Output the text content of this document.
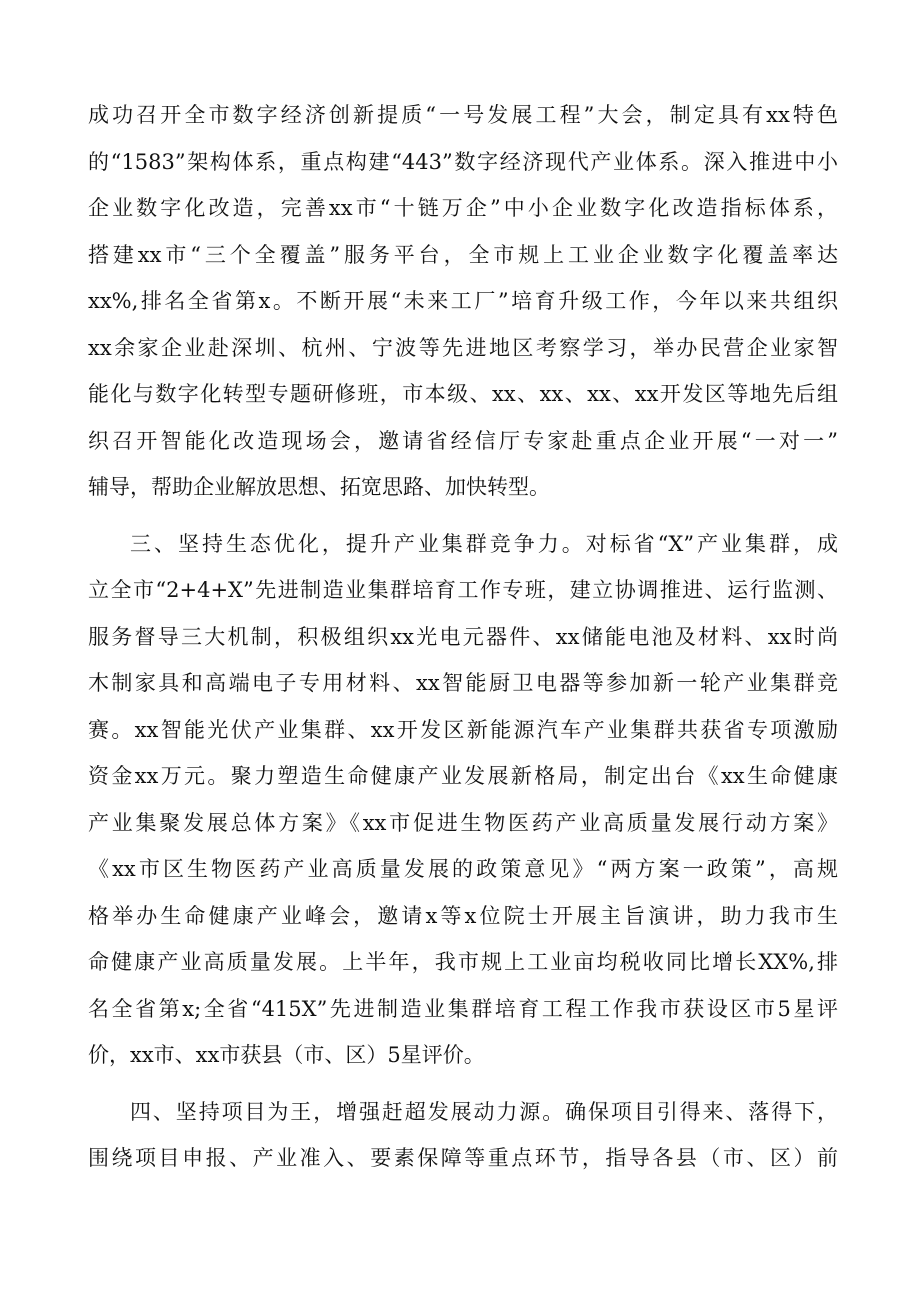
成功召开全市数字经济创新提质“一号发展工程”大会，制定具有xx特色
的“1583”架构体系，重点构建“443”数字经济现代产业体系。深入推进中小
企业数字化改造，完善xx市“十链万企”中小企业数字化改造指标体系，
搭建xx市“三个全覆盖”服务平台，全市规上工业企业数字化覆盖率达
xx%,排名全省第x。不断开展“未来工厂”培育升级工作，今年以来共组织
xx余家企业赴深圳、杭州、宁波等先进地区考察学习，举办民营企业家智
能化与数字化转型专题研修班，市本级、xx、xx、xx、xx开发区等地先后组
织召开智能化改造现场会，邀请省经信厅专家赴重点企业开展“一对一”
辅导，帮助企业解放思想、拓宽思路、加快转型。
三、坚持生态优化，提升产业集群竞争力。对标省“X”产业集群，成
立全市“2+4+X”先进制造业集群培育工作专班，建立协调推进、运行监测、
服务督导三大机制，积极组织xx光电元器件、xx储能电池及材料、xx时尚
木制家具和高端电子专用材料、xx智能厨卫电器等参加新一轮产业集群竞
赛。xx智能光伏产业集群、xx开发区新能源汽车产业集群共获省专项激励
资金xx万元。聚力塑造生命健康产业发展新格局，制定出台《xx生命健康
产业集聚发展总体方案》《xx市促进生物医药产业高质量发展行动方案》
《xx市区生物医药产业高质量发展的政策意见》“两方案一政策”，高规
格举办生命健康产业峰会，邀请x等x位院士开展主旨演讲，助力我市生
命健康产业高质量发展。上半年，我市规上工业亩均税收同比增长XX%,排
名全省第x;全省“415X”先进制造业集群培育工程工作我市获设区市5星评
价，xx市、xx市获县（市、区）5星评价。
四、坚持项目为王，增强赶超发展动力源。确保项目引得来、落得下，
围绕项目申报、产业准入、要素保障等重点环节，指导各县（市、区）前
